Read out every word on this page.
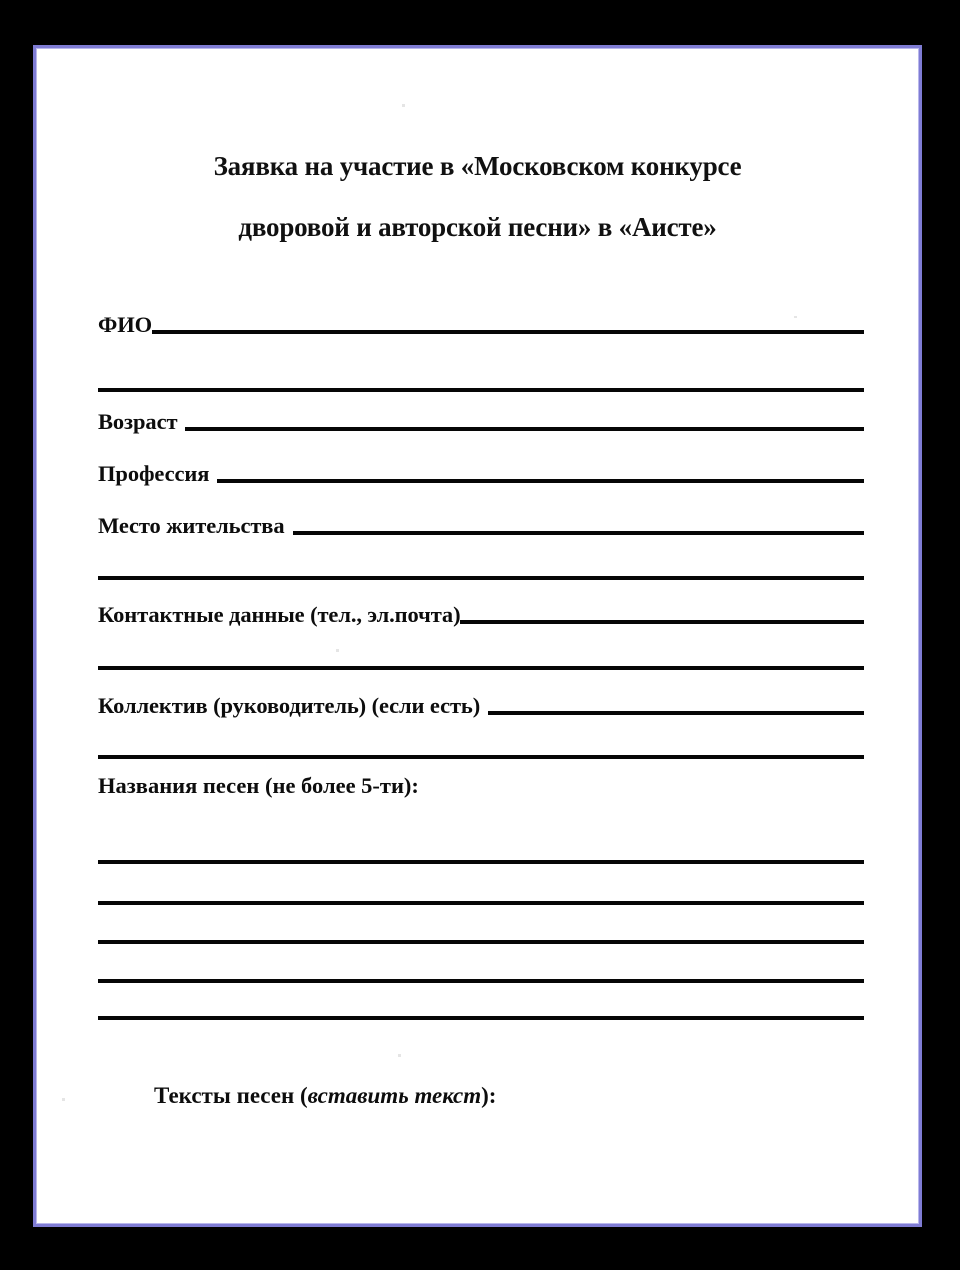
Заявка на участие в «Московском конкурсе
дворовой и авторской песни» в «Аисте»
ФИО
Возраст
Профессия
Место жительства
Контактные данные (тел., эл.почта)
Коллектив (руководитель) (если есть)
Названия песен (не более 5-ти):
Тексты песен (вставить текст):
